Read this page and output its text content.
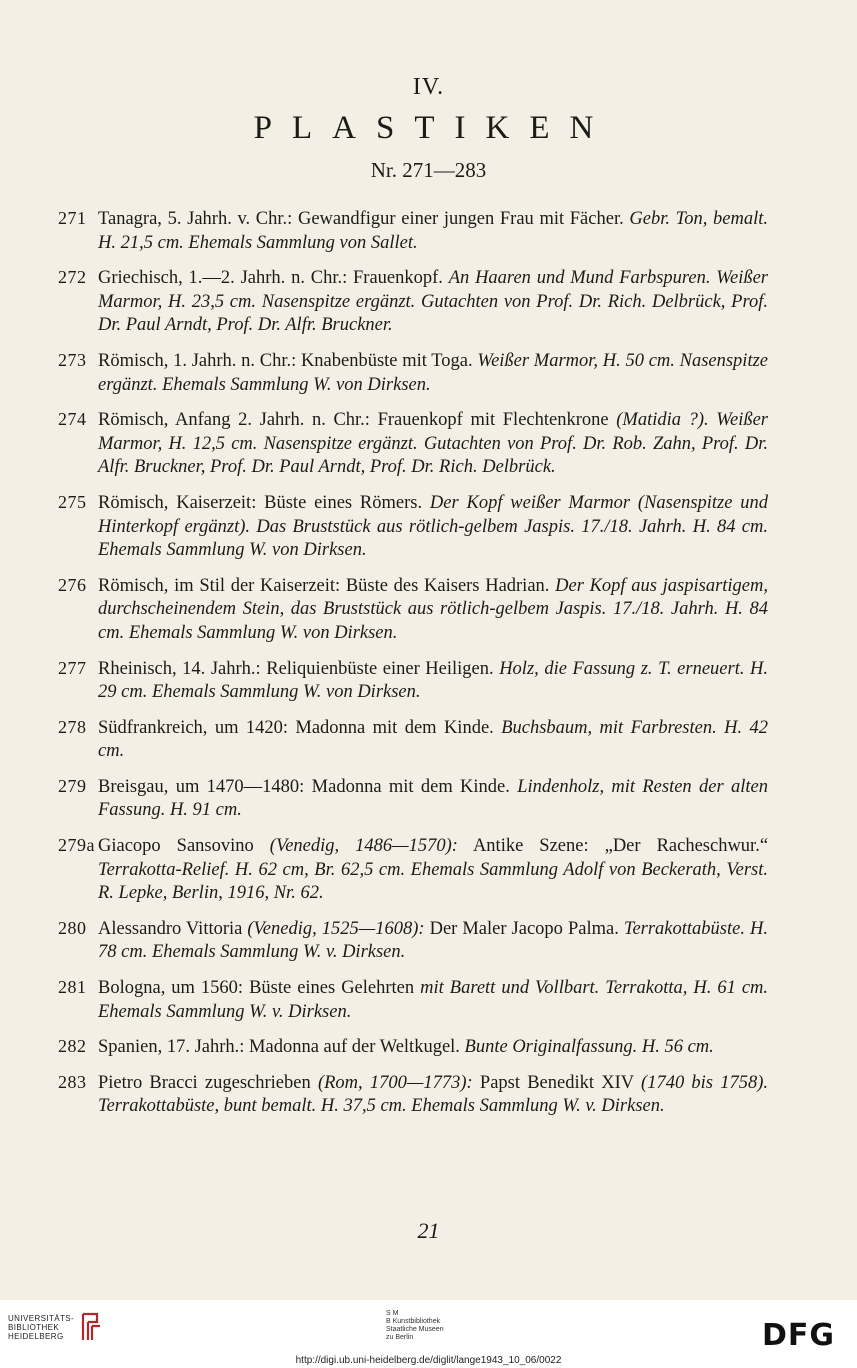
IV.
PLASTIKEN
Nr. 271—283
271 Tanagra, 5. Jahrh. v. Chr.: Gewandfigur einer jungen Frau mit Fächer. Gebr. Ton, bemalt. H. 21,5 cm. Ehemals Sammlung von Sallet.
272 Griechisch, 1.—2. Jahrh. n. Chr.: Frauenkopf. An Haaren und Mund Farbspuren. Weißer Marmor, H. 23,5 cm. Nasenspitze ergänzt. Gutachten von Prof. Dr. Rich. Delbrück, Prof. Dr. Paul Arndt, Prof. Dr. Alfr. Bruckner.
273 Römisch, 1. Jahrh. n. Chr.: Knabenbüste mit Toga. Weißer Marmor, H. 50 cm. Nasenspitze ergänzt. Ehemals Sammlung W. von Dirksen.
274 Römisch, Anfang 2. Jahrh. n. Chr.: Frauenkopf mit Flechtenkrone (Matidia ?). Weißer Marmor, H. 12,5 cm. Nasenspitze ergänzt. Gutachten von Prof. Dr. Rob. Zahn, Prof. Dr. Alfr. Bruckner, Prof. Dr. Paul Arndt, Prof. Dr. Rich. Delbrück.
275 Römisch, Kaiserzeit: Büste eines Römers. Der Kopf weißer Marmor (Nasenspitze und Hinterkopf ergänzt). Das Bruststück aus rötlich-gelbem Jaspis. 17./18. Jahrh. H. 84 cm. Ehemals Sammlung W. von Dirksen.
276 Römisch, im Stil der Kaiserzeit: Büste des Kaisers Hadrian. Der Kopf aus jaspisartigem, durchscheinendem Stein, das Bruststück aus rötlich-gelbem Jaspis. 17./18. Jahrh. H. 84 cm. Ehemals Sammlung W. von Dirksen.
277 Rheinisch, 14. Jahrh.: Reliquienbüste einer Heiligen. Holz, die Fassung z. T. erneuert. H. 29 cm. Ehemals Sammlung W. von Dirksen.
278 Südfrankreich, um 1420: Madonna mit dem Kinde. Buchsbaum, mit Farbresten. H. 42 cm.
279 Breisgau, um 1470—1480: Madonna mit dem Kinde. Lindenholz, mit Resten der alten Fassung. H. 91 cm.
279a Giacopo Sansovino (Venedig, 1486—1570): Antike Szene: „Der Racheschwur.“ Terrakotta-Relief. H. 62 cm, Br. 62,5 cm. Ehemals Sammlung Adolf von Beckerath, Verst. R. Lepke, Berlin, 1916, Nr. 62.
280 Alessandro Vittoria (Venedig, 1525—1608): Der Maler Jacopo Palma. Terrakottabüste. H. 78 cm. Ehemals Sammlung W. v. Dirksen.
281 Bologna, um 1560: Büste eines Gelehrten mit Barett und Vollbart. Terrakotta, H. 61 cm. Ehemals Sammlung W. v. Dirksen.
282 Spanien, 17. Jahrh.: Madonna auf der Weltkugel. Bunte Originalfassung. H. 56 cm.
283 Pietro Bracci zugeschrieben (Rom, 1700—1773): Papst Benedikt XIV (1740 bis 1758). Terrakottabüste, bunt bemalt. H. 37,5 cm. Ehemals Sammlung W. v. Dirksen.
21
UNIVERSITÄTS-
BIBLIOTHEK
HEIDELBERG
S M
B Kunstbibliothek
Staatliche Museen
zu Berlin	DFG
http://digi.ub.uni-heidelberg.de/diglit/lange1943_10_06/0022
